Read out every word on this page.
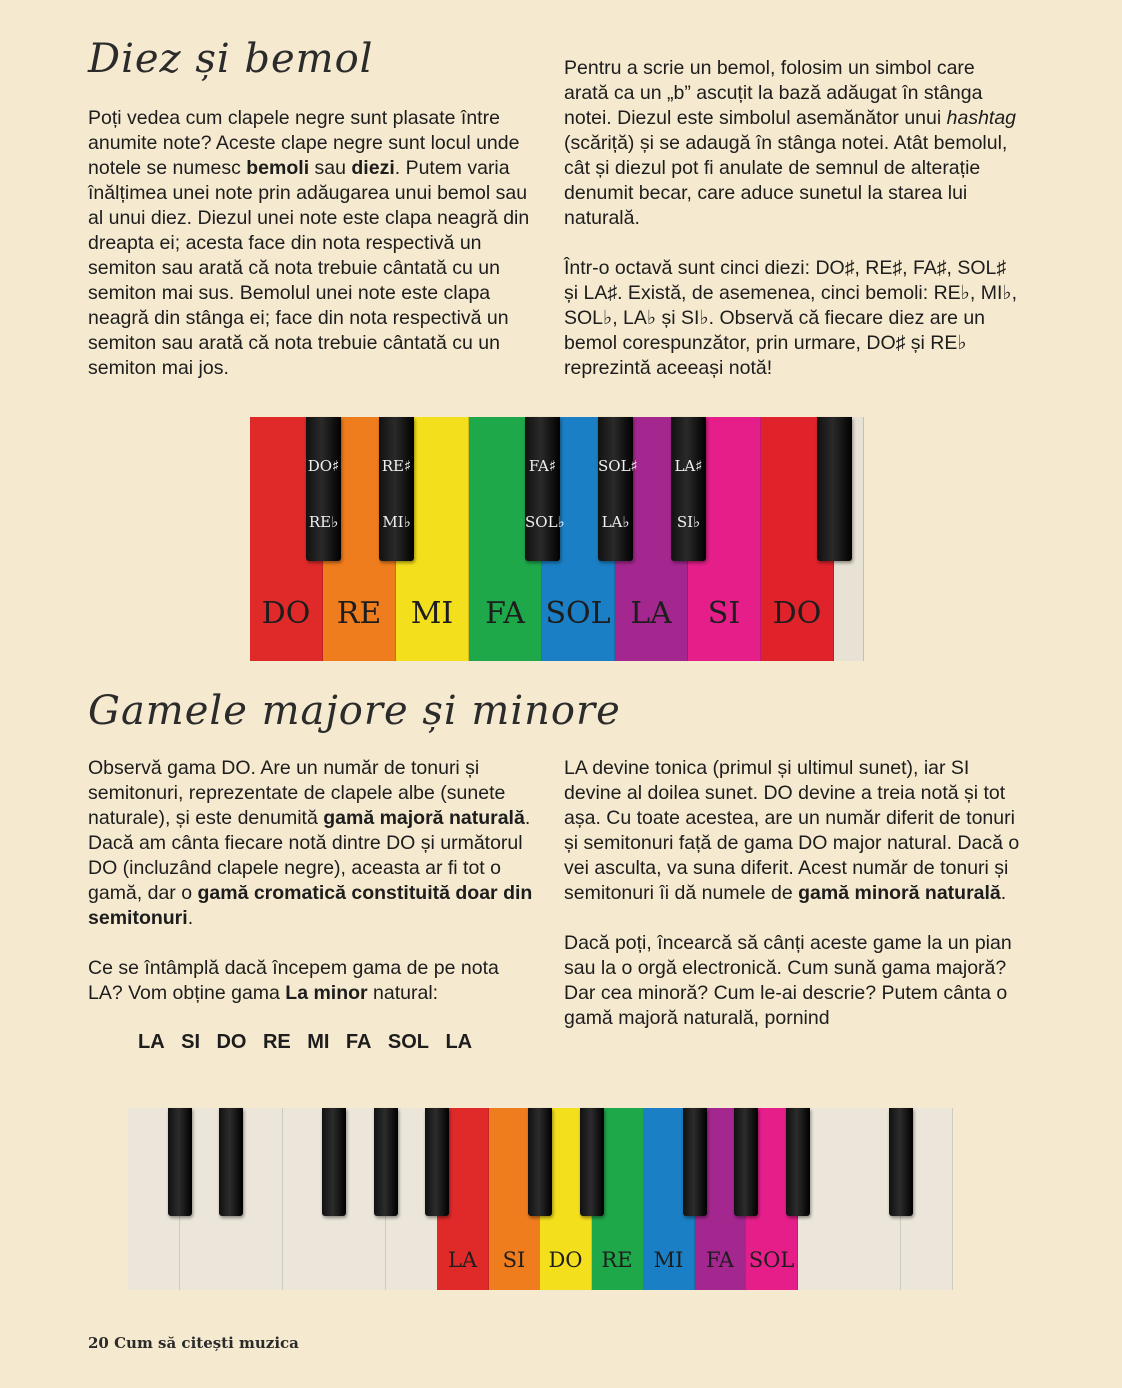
Diez și bemol

Poți vedea cum clapele negre sunt plasate între anumite note? Aceste clape negre sunt locul unde notele se numesc bemoli sau diezi. Putem varia înălțimea unei note prin adăugarea unui bemol sau al unui diez. Diezul unei note este clapa neagră din dreapta ei; acesta face din nota respectivă un semiton sau arată că nota trebuie cântată cu un semiton mai sus. Bemolul unei note este clapa neagră din stânga ei; face din nota respectivă un semiton sau arată că nota trebuie cântată cu un semiton mai jos.

Pentru a scrie un bemol, folosim un simbol care arată ca un „b” ascuțit la bază adăugat în stânga notei. Diezul este simbolul asemănător unui hashtag (scăriță) și se adaugă în stânga notei. Atât bemolul, cât și diezul pot fi anulate de semnul de alterație denumit becar, care aduce sunetul la starea lui naturală.

Într-o octavă sunt cinci diezi: DO♯, RE♯, FA♯, SOL♯ și LA♯. Există, de asemenea, cinci bemoli: RE♭, MI♭, SOL♭, LA♭ și SI♭. Observă că fiecare diez are un bemol corespunzător, prin urmare, DO♯ și RE♭ reprezintă aceeași notă!

DO RE MI	FA SOL LA	SI	DO
DO♯
RE♭
RE♯
MI♭
FA♯
SOL♭
SOL♯
LA♭
LA♯
SI♭
Gamele majore și minore

Observă gama DO. Are un număr de tonuri și semitonuri, reprezentate de clapele albe (sunete naturale), și este denumită gamă majoră naturală. Dacă am cânta fiecare notă dintre DO și următorul DO (incluzând clapele negre), aceasta ar fi tot o gamă, dar o gamă cromatică constituită doar din semitonuri.

Ce se întâmplă dacă începem gama de pe nota LA? Vom obține gama La minor natural:

LA SI DO RE MI FA SOL LA

LA devine tonica (primul și ultimul sunet), iar SI devine al doilea sunet. DO devine a treia notă și tot așa. Cu toate acestea, are un număr diferit de tonuri și semitonuri față de gama DO major natural. Dacă o vei asculta, va suna diferit. Acest număr de tonuri și semitonuri îi dă numele de gamă minoră naturală.

Dacă poți, încearcă să cânți aceste game la un pian sau la o orgă electronică. Cum sună gama majoră? Dar cea minoră? Cum le-ai descrie? Putem cânta o gamă majoră naturală, pornind

LA	SI	DO RE	MI	FA SOL
20 Cum să citești muzica
